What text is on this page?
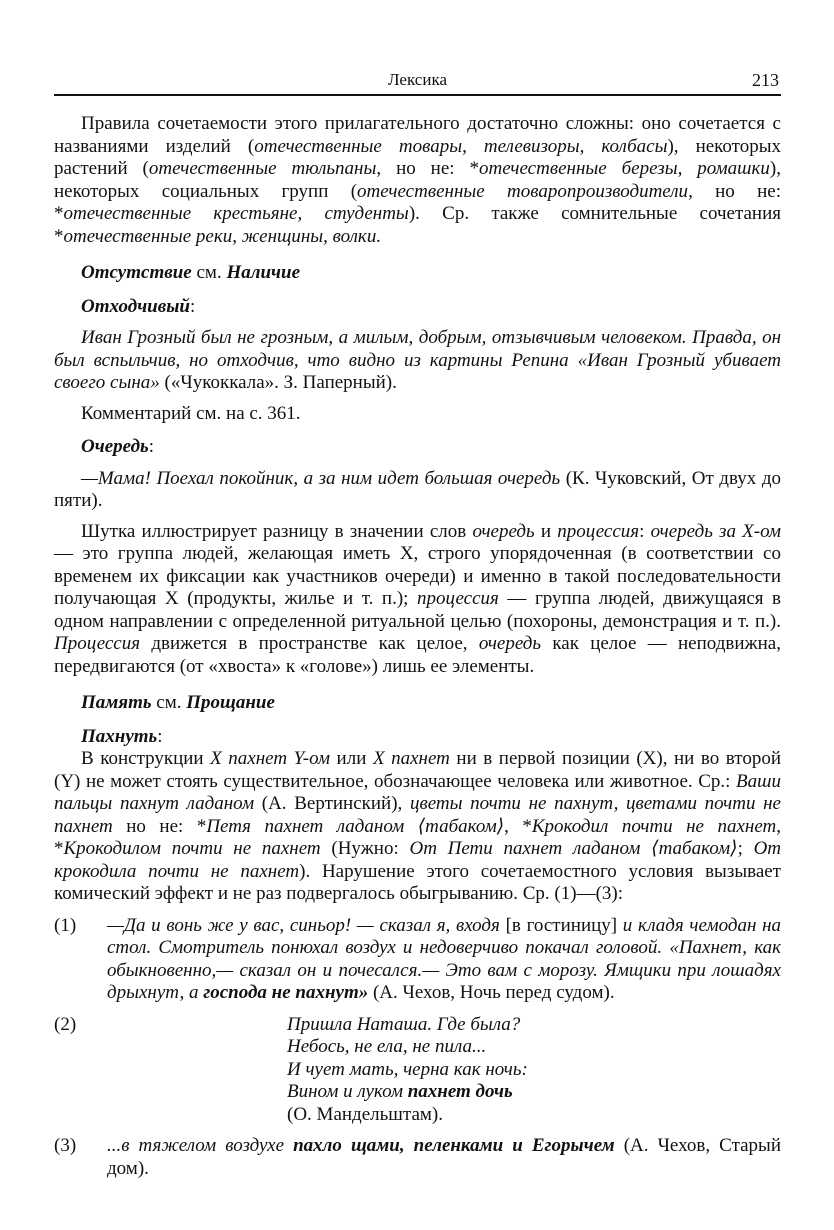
Лексика	213

Правила сочетаемости этого прилагательного достаточно сложны: оно сочетается с названиями изделий (отечественные товары, телевизоры, колбасы), некоторых растений (отечественные тюльпаны, но не: *отечественные березы, ромашки), некоторых социальных групп (отечественные товаропроизводители, но не: *отечественные крестьяне, студенты). Ср. также сомнительные сочетания *отечественные реки, женщины, волки.

Отсутствие см. Наличие

Отходчивый:

Иван Грозный был не грозным, а милым, добрым, отзывчивым человеком. Правда, он был вспыльчив, но отходчив, что видно из картины Репина «Иван Грозный убивает своего сына» («Чукоккала». З. Паперный).

Комментарий см. на с. 361.

Очередь:

—Мама! Поехал покойник, а за ним идет большая очередь (К. Чуковский, От двух до пяти).

Шутка иллюстрирует разницу в значении слов очередь и процессия: очередь за X-ом — это группа людей, желающая иметь X, строго упорядоченная (в соответствии со временем их фиксации как участников очереди) и именно в такой последовательности получающая X (продукты, жилье и т. п.); процессия — группа людей, движущаяся в одном направлении с определенной ритуальной целью (похороны, демонстрация и т. п.). Процессия движется в пространстве как целое, очередь как целое — неподвижна, передвигаются (от «хвоста» к «голове») лишь ее элементы.

Память см. Прощание

Пахнуть:

В конструкции X пахнет Y-ом или X пахнет ни в первой позиции (X), ни во второй (Y) не может стоять существительное, обозначающее человека или животное. Ср.: Ваши пальцы пахнут ладаном (А. Вертинский), цветы почти не пахнут, цветами почти не пахнет но не: *Петя пахнет ладаном ⟨табаком⟩, *Крокодил почти не пахнет, *Крокодилом почти не пахнет (Нужно: От Пети пахнет ладаном ⟨табаком⟩; От крокодила почти не пахнет). Нарушение этого сочетаемостного условия вызывает комический эффект и не раз подвергалось обыгрыванию. Ср. (1)—(3):

(1)	—Да и вонь же у вас, синьор! — сказал я, входя [в гостиницу] и кладя чемодан на стол. Смотритель понюхал воздух и недоверчиво покачал головой. «Пахнет, как обыкновенно,— сказал он и почесался.— Это вам с морозу. Ямщики при лошадях дрыхнут, а господа не пахнут» (А. Чехов, Ночь перед судом).
(2)	Пришла Наташа. Где была?
Небось, не ела, не пила...
И чует мать, черна как ночь:
Вином и луком пахнет дочь
(О. Мандельштам).
(3)	...в тяжелом воздухе пахло щами, пеленками и Егорычем (А. Чехов, Старый дом).
